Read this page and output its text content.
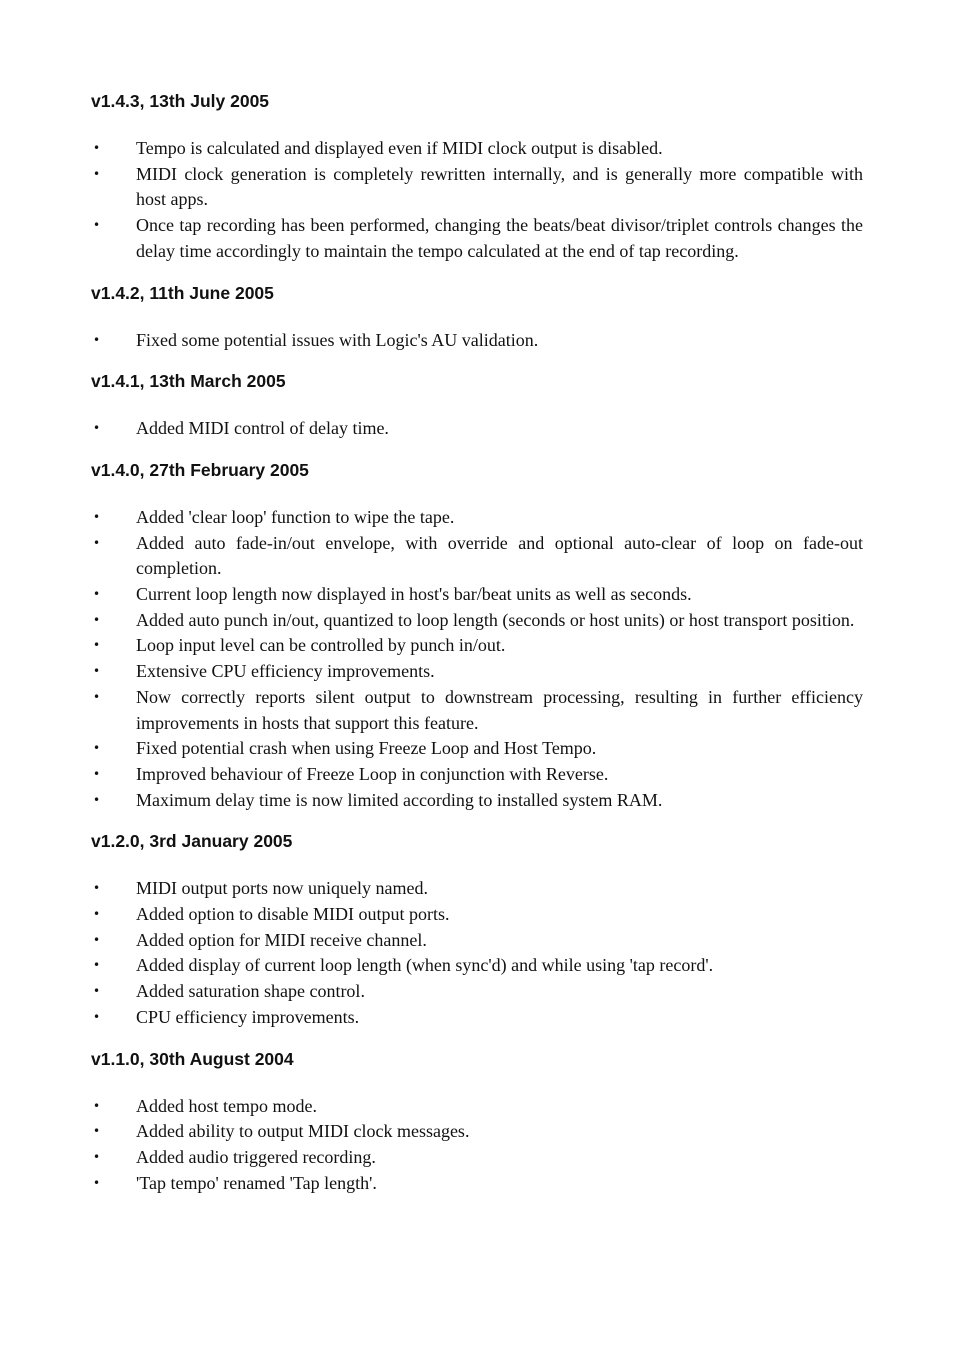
v1.4.3, 13th July 2005
• Tempo is calculated and displayed even if MIDI clock output is disabled.
• MIDI clock generation is completely rewritten internally, and is generally more compatible with host apps.
• Once tap recording has been performed, changing the beats/beat divisor/triplet controls changes the delay time accordingly to maintain the tempo calculated at the end of tap recording.
v1.4.2, 11th June 2005
• Fixed some potential issues with Logic's AU validation.
v1.4.1, 13th March 2005
• Added MIDI control of delay time.
v1.4.0, 27th February 2005
• Added 'clear loop' function to wipe the tape.
• Added auto fade-in/out envelope, with override and optional auto-clear of loop on fade-out completion.
• Current loop length now displayed in host's bar/beat units as well as seconds.
• Added auto punch in/out, quantized to loop length (seconds or host units) or host transport position.
• Loop input level can be controlled by punch in/out.
• Extensive CPU efficiency improvements.
• Now correctly reports silent output to downstream processing, resulting in further efficiency improvements in hosts that support this feature.
• Fixed potential crash when using Freeze Loop and Host Tempo.
• Improved behaviour of Freeze Loop in conjunction with Reverse.
• Maximum delay time is now limited according to installed system RAM.
v1.2.0, 3rd January 2005
• MIDI output ports now uniquely named.
• Added option to disable MIDI output ports.
• Added option for MIDI receive channel.
• Added display of current loop length (when sync'd) and while using 'tap record'.
• Added saturation shape control.
• CPU efficiency improvements.
v1.1.0, 30th August 2004
• Added host tempo mode.
• Added ability to output MIDI clock messages.
• Added audio triggered recording.
• 'Tap tempo' renamed 'Tap length'.
